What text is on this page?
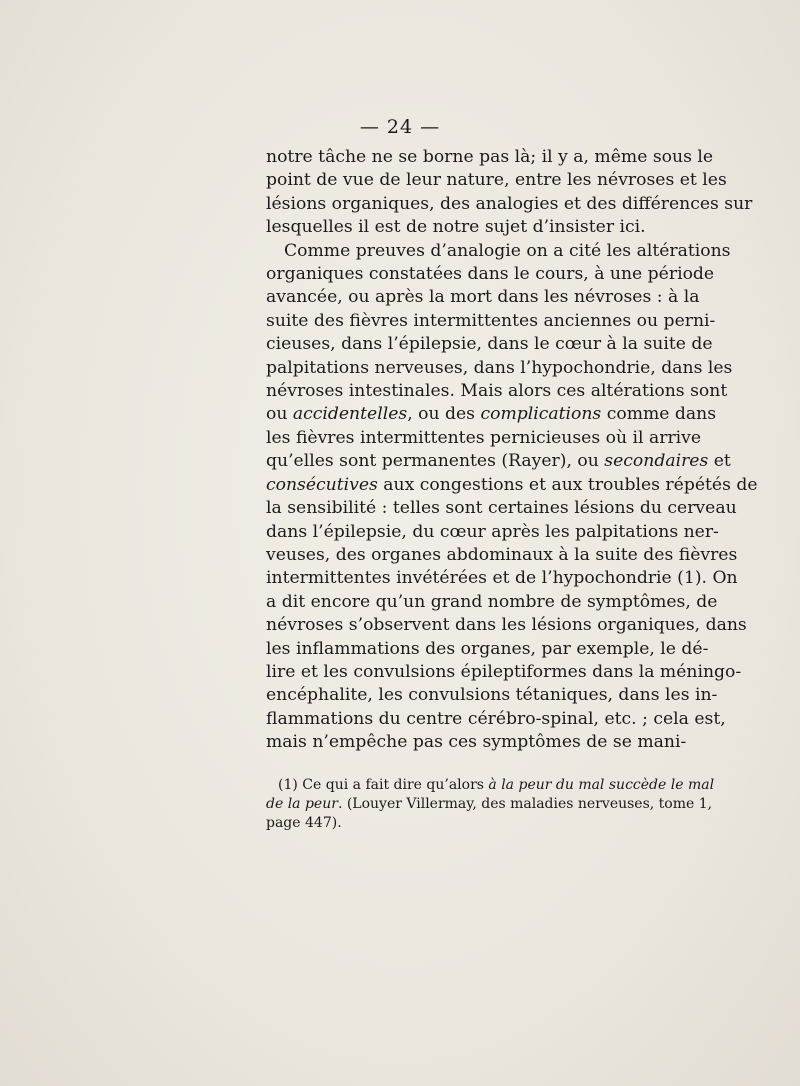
— 24 —

notre tâche ne se borne pas là; il y a, même sous le
point de vue de leur nature, entre les névroses et les
lésions organiques, des analogies et des différences sur
lesquelles il est de notre sujet d’insister ici.

Comme preuves d’analogie on a cité les altérations
organiques constatées dans le cours, à une période
avancée, ou après la mort dans les névroses : à la
suite des fièvres intermittentes anciennes ou perni-
cieuses, dans l’épilepsie, dans le cœur à la suite de
palpitations nerveuses, dans l’hypochondrie, dans les
névroses intestinales. Mais alors ces altérations sont
ou accidentelles, ou des complications comme dans
les fièvres intermittentes pernicieuses où il arrive
qu’elles sont permanentes (Rayer), ou secondaires et
consécutives aux congestions et aux troubles répétés de
la sensibilité : telles sont certaines lésions du cerveau
dans l’épilepsie, du cœur après les palpitations ner-
veuses, des organes abdominaux à la suite des fièvres
intermittentes invétérées et de l’hypochondrie (1). On
a dit encore qu’un grand nombre de symptômes, de
névroses s’observent dans les lésions organiques, dans
les inflammations des organes, par exemple, le dé-
lire et les convulsions épileptiformes dans la méningo-
encéphalite, les convulsions tétaniques, dans les in-
flammations du centre cérébro-spinal, etc. ; cela est,
mais n’empêche pas ces symptômes de se mani-

(1) Ce qui a fait dire qu’alors à la peur du mal succède le mal
de la peur. (Louyer Villermay, des maladies nerveuses, tome 1,
page 447).
